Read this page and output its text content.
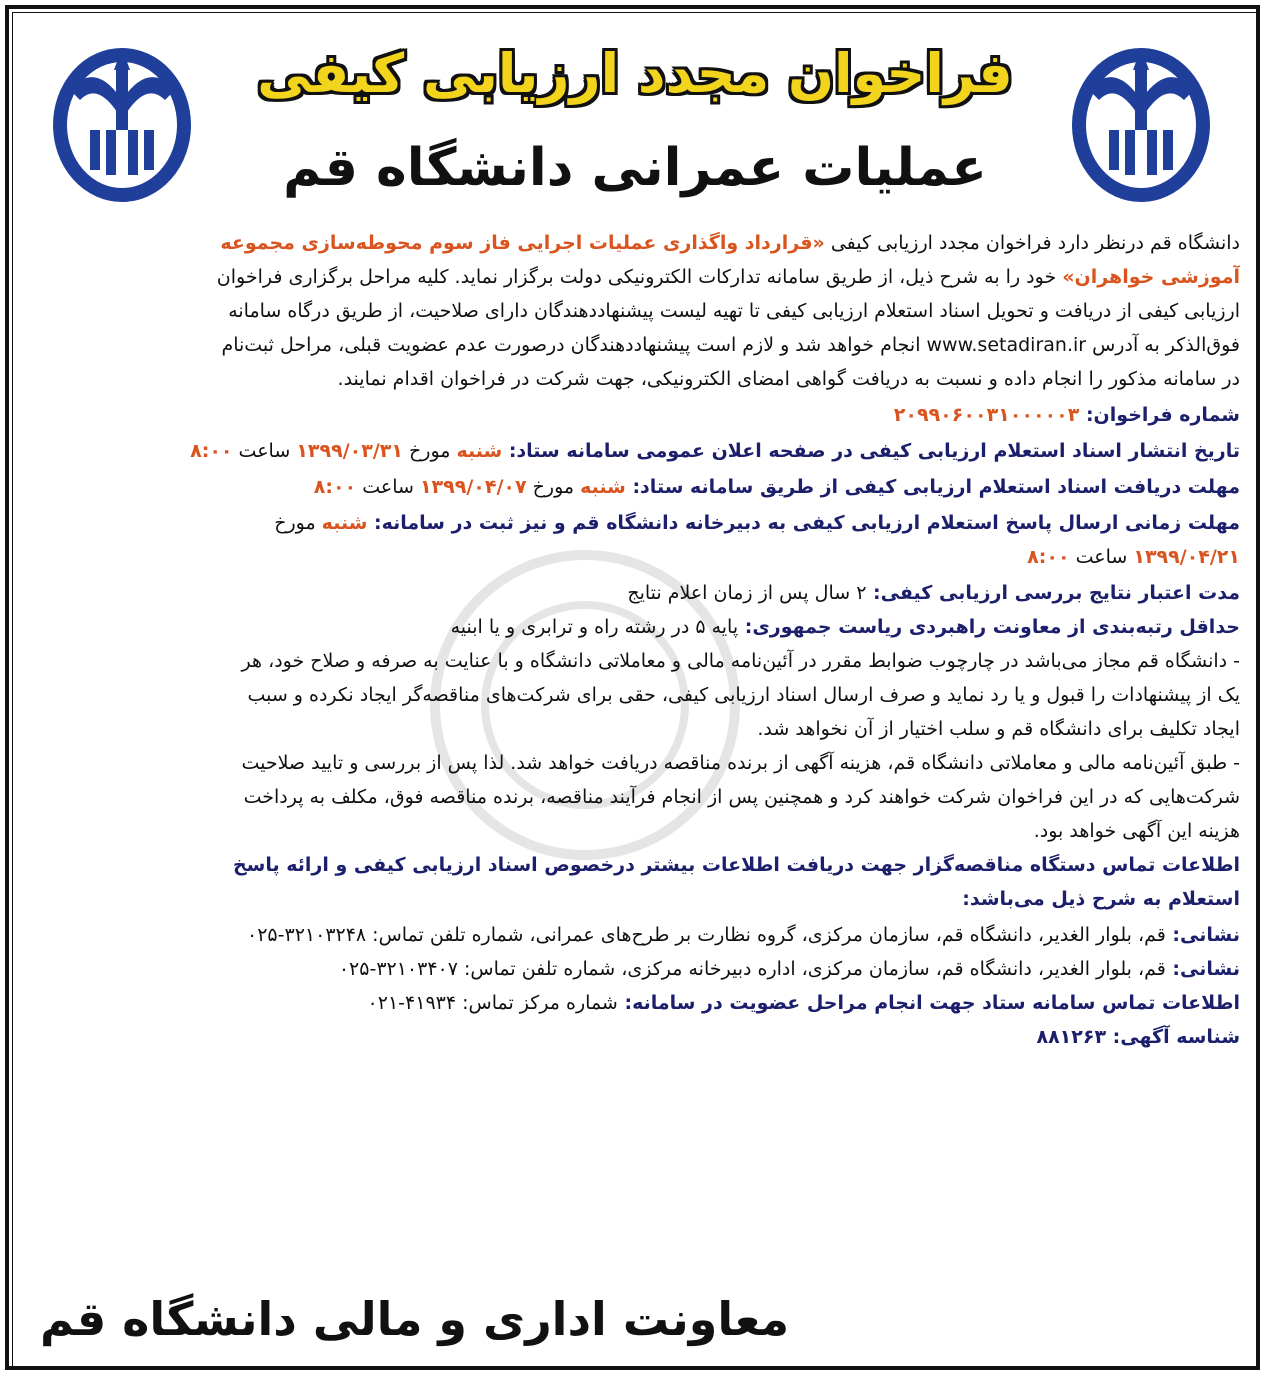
فراخوان مجدد ارزیابی کیفی
عملیات عمرانی دانشگاه قم

دانشگاه قم درنظر دارد فراخوان مجدد ارزیابی کیفی «قرارداد واگذاری عملیات اجرایی فاز سوم محوطه‌سازی مجموعه
آموزشی خواهران» خود را به شرح ذیل، از طریق سامانه تدارکات الکترونیکی دولت برگزار نماید. کلیه مراحل برگزاری فراخوان
ارزیابی کیفی از دریافت و تحویل اسناد استعلام ارزیابی کیفی تا تهیه لیست پیشنهاددهندگان دارای صلاحیت، از طریق درگاه سامانه
فوق‌الذکر به آدرس www.setadiran.ir انجام خواهد شد و لازم است پیشنهاددهندگان درصورت عدم عضویت قبلی، مراحل ثبت‌نام
در سامانه مذکور را انجام داده و نسبت به دریافت گواهی امضای الکترونیکی، جهت شرکت در فراخوان اقدام نمایند.

شماره فراخوان: ۲۰۹۹۰۶۰۰۳۱۰۰۰۰۰۳

تاریخ انتشار اسناد استعلام ارزیابی کیفی در صفحه اعلان عمومی سامانه ستاد: شنبه مورخ ۱۳۹۹/۰۳/۳۱ ساعت ۸:۰۰

مهلت دریافت اسناد استعلام ارزیابی کیفی از طریق سامانه ستاد: شنبه مورخ ۱۳۹۹/۰۴/۰۷ ساعت ۸:۰۰

مهلت زمانی ارسال پاسخ استعلام ارزیابی کیفی به دبیرخانه دانشگاه قم و نیز ثبت در سامانه: شنبه مورخ
۱۳۹۹/۰۴/۲۱ ساعت ۸:۰۰

مدت اعتبار نتایج بررسی ارزیابی کیفی: ۲ سال پس از زمان اعلام نتایج

حداقل رتبه‌بندی از معاونت راهبردی ریاست جمهوری: پایه ۵ در رشته راه و ترابری و یا ابنیه

- دانشگاه قم مجاز می‌باشد در چارچوب ضوابط مقرر در آئین‌نامه مالی و معاملاتی دانشگاه و با عنایت به صرفه و صلاح خود، هر
یک از پیشنهادات را قبول و یا رد نماید و صرف ارسال اسناد ارزیابی کیفی، حقی برای شرکت‌های مناقصه‌گر ایجاد نکرده و سبب
ایجاد تکلیف برای دانشگاه قم و سلب اختیار از آن نخواهد شد.

- طبق آئین‌نامه مالی و معاملاتی دانشگاه قم، هزینه آگهی از برنده مناقصه دریافت خواهد شد. لذا پس از بررسی و تایید صلاحیت
شرکت‌هایی که در این فراخوان شرکت خواهند کرد و همچنین پس از انجام فرآیند مناقصه، برنده مناقصه فوق، مکلف به پرداخت
هزینه این آگهی خواهد بود.

اطلاعات تماس دستگاه مناقصه‌گزار جهت دریافت اطلاعات بیشتر درخصوص اسناد ارزیابی کیفی و ارائه پاسخ
استعلام به شرح ذیل می‌باشد:

نشانی: قم، بلوار الغدیر، دانشگاه قم، سازمان مرکزی، گروه نظارت بر طرح‌های عمرانی، شماره تلفن تماس: ۳۲۱۰۳۲۴۸-۰۲۵

نشانی: قم، بلوار الغدیر، دانشگاه قم، سازمان مرکزی، اداره دبیرخانه مرکزی، شماره تلفن تماس: ۳۲۱۰۳۴۰۷-۰۲۵

اطلاعات تماس سامانه ستاد جهت انجام مراحل عضویت در سامانه: شماره مرکز تماس: ۴۱۹۳۴-۰۲۱

شناسه آگهی: ۸۸۱۲۶۳

معاونت اداری و مالی دانشگاه قم
